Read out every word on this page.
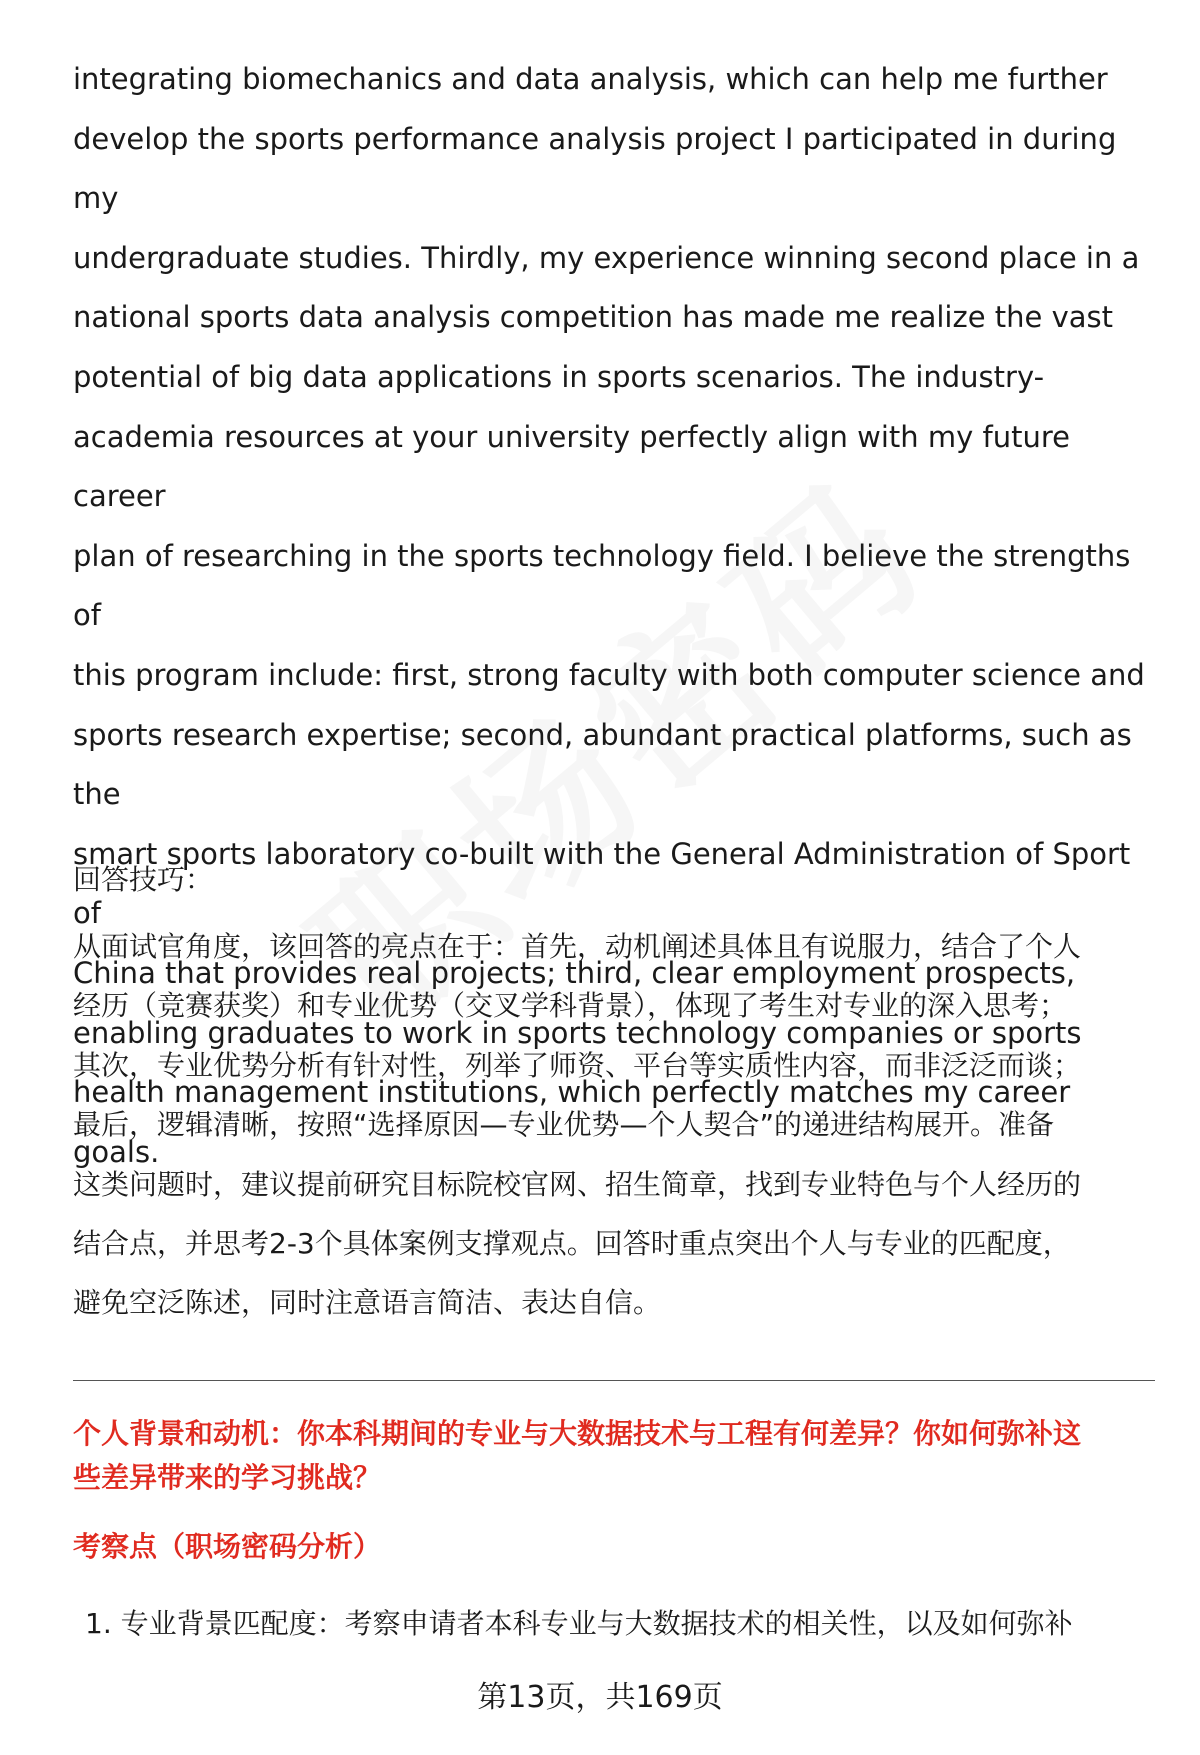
integrating biomechanics and data analysis, which can help me further
develop the sports performance analysis project I participated in during my
undergraduate studies. Thirdly, my experience winning second place in a
national sports data analysis competition has made me realize the vast
potential of big data applications in sports scenarios. The industry-
academia resources at your university perfectly align with my future career
plan of researching in the sports technology field. I believe the strengths of
this program include: first, strong faculty with both computer science and
sports research expertise; second, abundant practical platforms, such as the
smart sports laboratory co-built with the General Administration of Sport of
China that provides real projects; third, clear employment prospects,
enabling graduates to work in sports technology companies or sports
health management institutions, which perfectly matches my career goals.

回答技巧：

从面试官角度，该回答的亮点在于：首先，动机阐述具体且有说服力，结合了个人
经历（竞赛获奖）和专业优势（交叉学科背景），体现了考生对专业的深入思考；
其次，专业优势分析有针对性，列举了师资、平台等实质性内容，而非泛泛而谈；
最后，逻辑清晰，按照“选择原因—专业优势—个人契合”的递进结构展开。准备
这类问题时，建议提前研究目标院校官网、招生简章，找到专业特色与个人经历的
结合点，并思考2-3个具体案例支撑观点。回答时重点突出个人与专业的匹配度，
避免空泛陈述，同时注意语言简洁、表达自信。

个人背景和动机：你本科期间的专业与大数据技术与工程有何差异？你如何弥补这
些差异带来的学习挑战？

考察点（职场密码分析）

1. 专业背景匹配度：考察申请者本科专业与大数据技术的相关性，以及如何弥补

第13页，共169页
